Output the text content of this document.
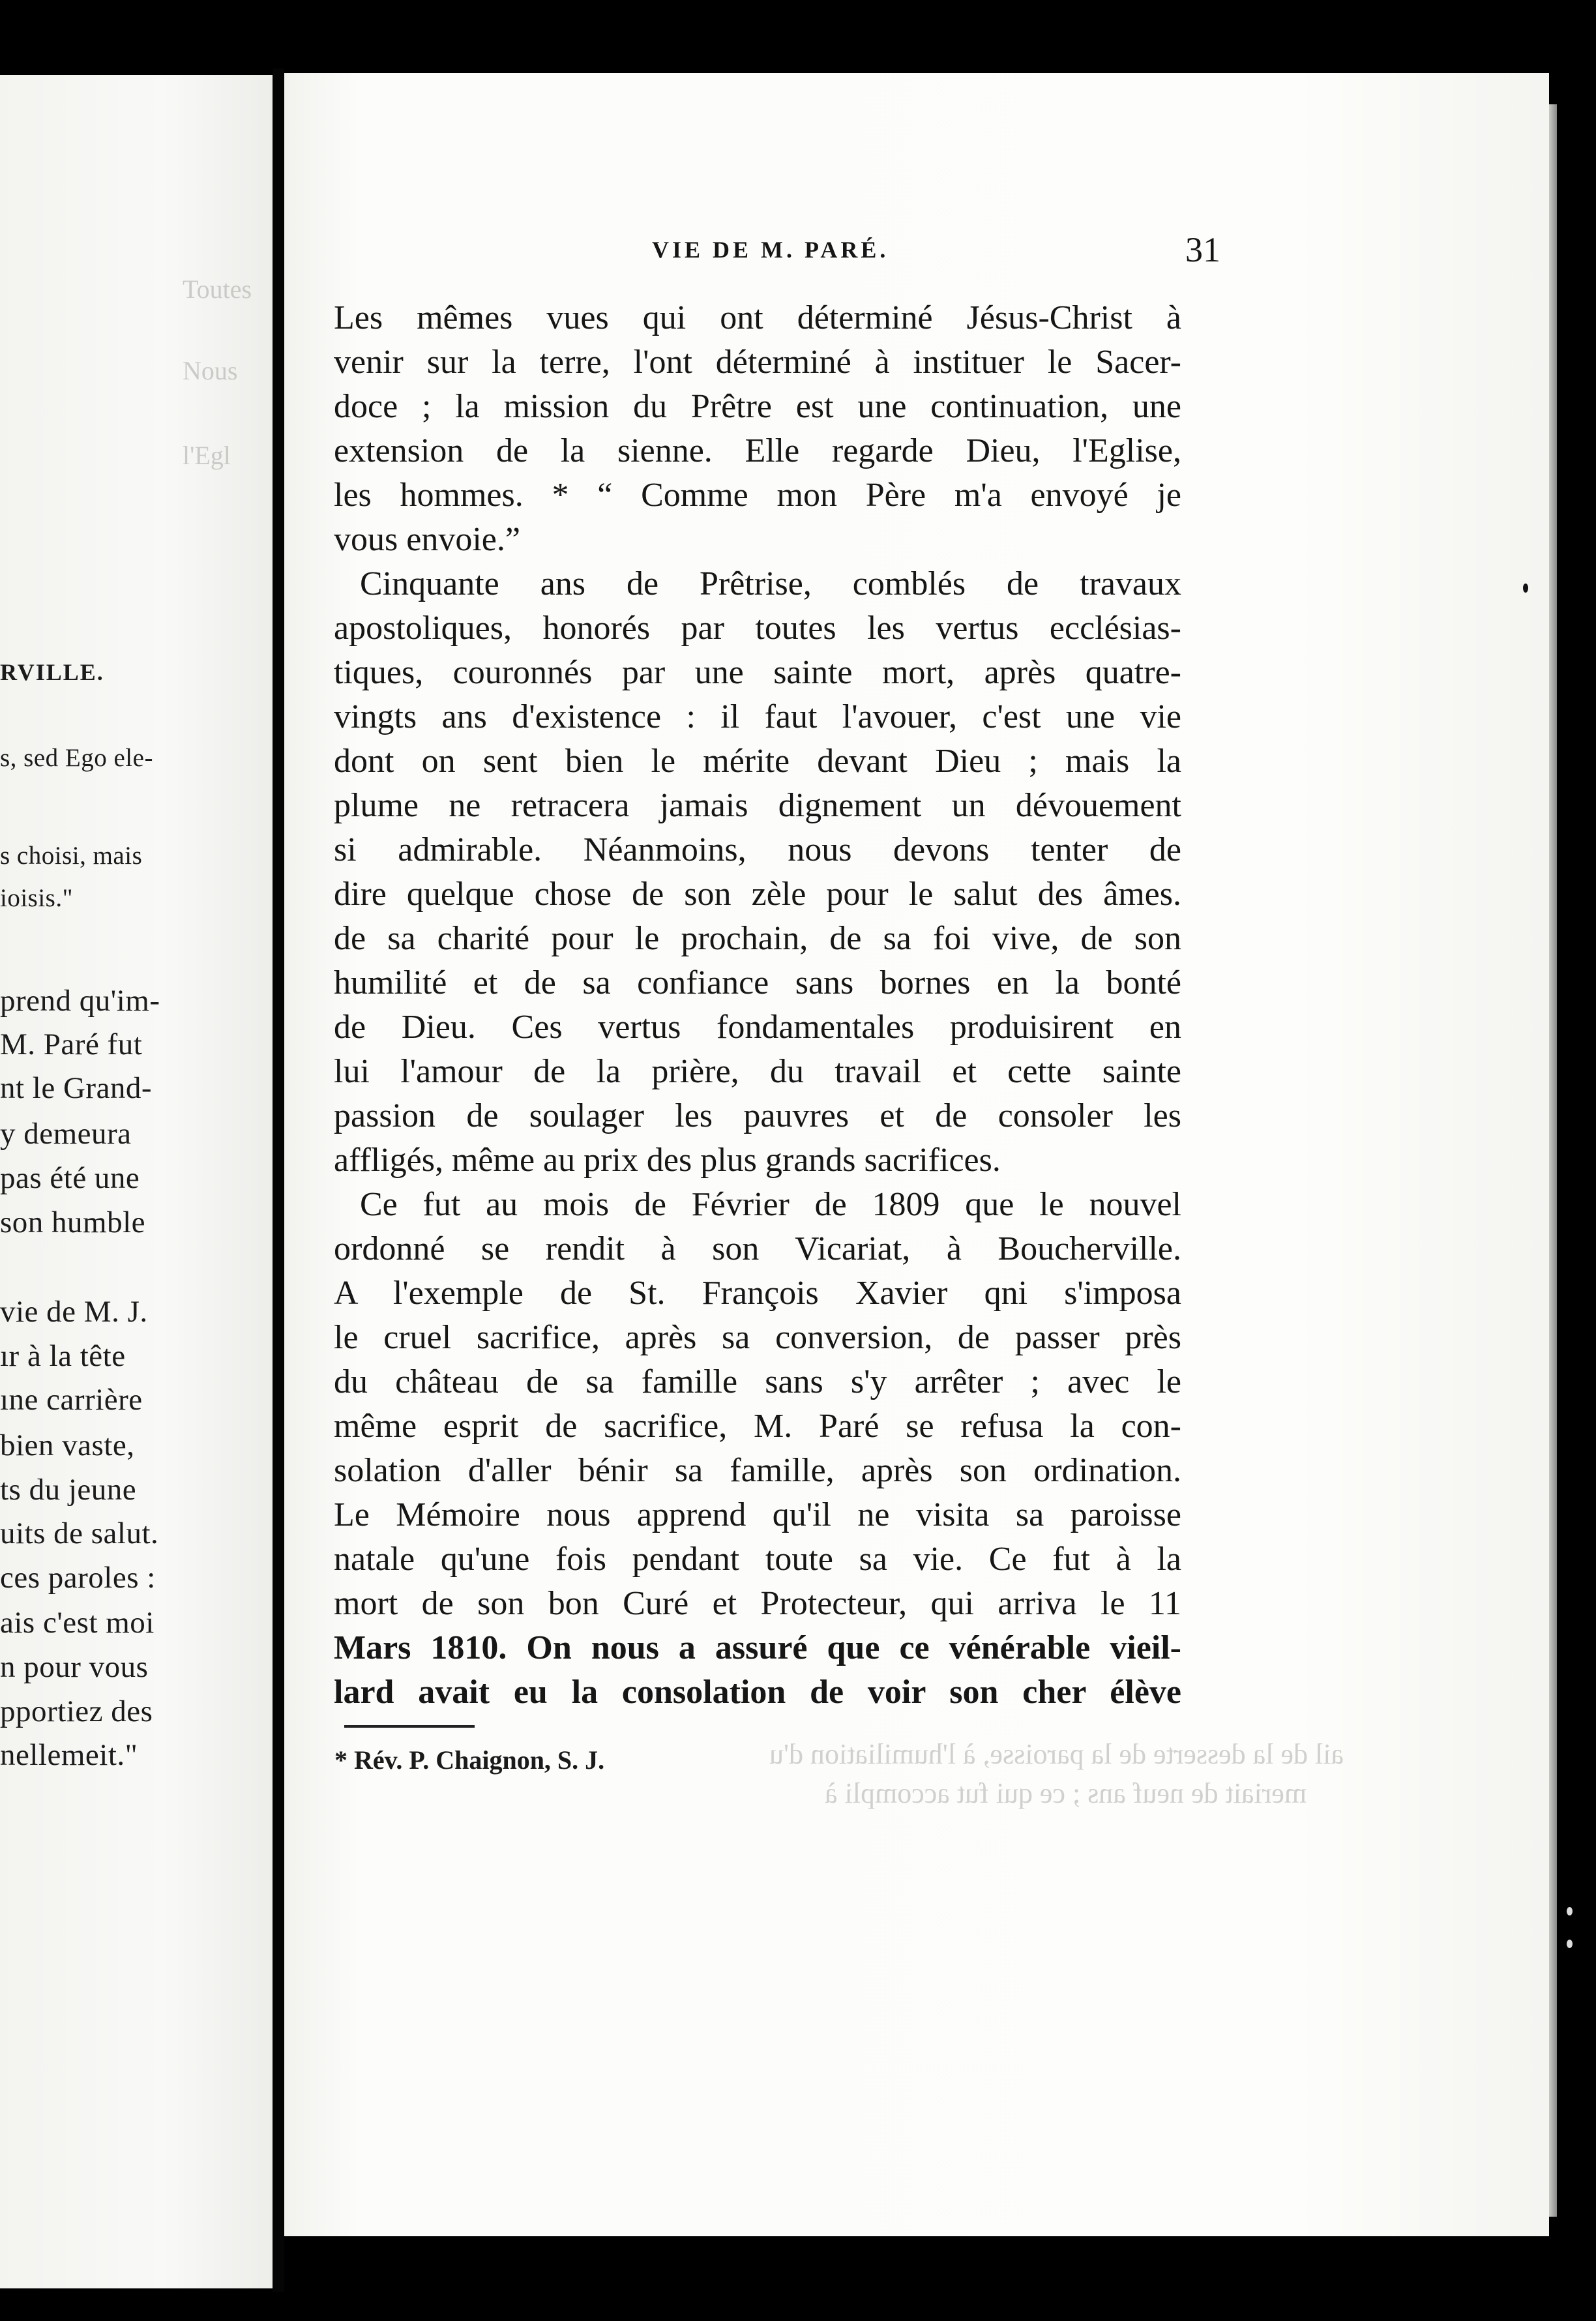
Toutes
Nous
l'Egl
RVILLE.
s, sed Ego ele-
s choisi, mais
ioisis."
prend qu'im-
M. Paré fut
nt le Grand-
y demeura
pas été une
son humble
vie de M. J.
ır à la tête
ıne carrière
bien vaste,
ts du jeune
uits de salut.
ces paroles :
ais c'est moi
n pour vous
pportiez des
nellemeit."
VIE DE M. PARÉ.	31
Les mêmes vues qui ont déterminé Jésus-Christ à
venir sur la terre, l'ont déterminé à instituer le Sacer-
doce ; la mission du Prêtre est une continuation, une
extension de la sienne. Elle regarde Dieu, l'Eglise,
les hommes. * “ Comme mon Père m'a envoyé je
vous envoie.”
Cinquante ans de Prêtrise, comblés de travaux
apostoliques, honorés par toutes les vertus ecclésias-
tiques, couronnés par une sainte mort, après quatre-
vingts ans d'existence : il faut l'avouer, c'est une vie
dont on sent bien le mérite devant Dieu ; mais la
plume ne retracera jamais dignement un dévouement
si admirable. Néanmoins, nous devons tenter de
dire quelque chose de son zèle pour le salut des âmes.
de sa charité pour le prochain, de sa foi vive, de son
humilité et de sa confiance sans bornes en la bonté
de Dieu. Ces vertus fondamentales produisirent en
lui l'amour de la prière, du travail et cette sainte
passion de soulager les pauvres et de consoler les
affligés, même au prix des plus grands sacrifices.
Ce fut au mois de Février de 1809 que le nouvel
ordonné se rendit à son Vicariat, à Boucherville.
A l'exemple de St. François Xavier qni s'imposa
le cruel sacrifice, après sa conversion, de passer près
du château de sa famille sans s'y arrêter ; avec le
même esprit de sacrifice, M. Paré se refusa la con-
solation d'aller bénir sa famille, après son ordination.
Le Mémoire nous apprend qu'il ne visita sa paroisse
natale qu'une fois pendant toute sa vie. Ce fut à la
mort de son bon Curé et Protecteur, qui arriva le 11
Mars 1810. On nous a assuré que ce vénérable vieil-
lard avait eu la consolation de voir son cher élève
* Rév. P. Chaignon, S. J.	ail de la desserte de la paroisse, à l'humiliation d'u
meriait de neuf ans ; ce qui fut accompli à
